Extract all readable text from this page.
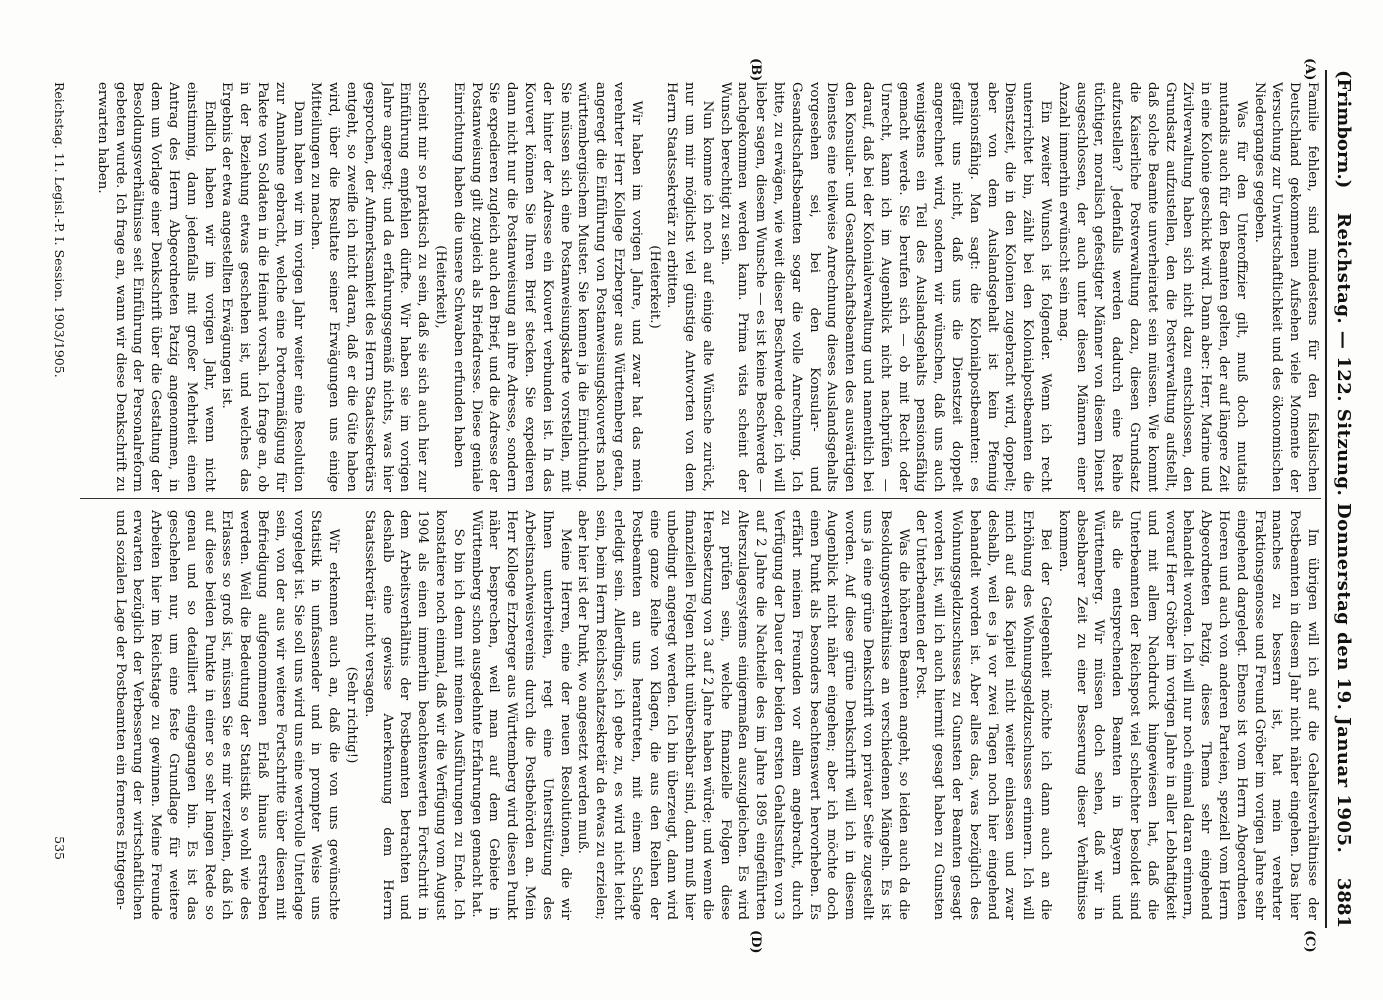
(Frimborn.)
Reichstag. — 122. Sitzung. Donnerstag den 19. Januar 1905.
3881
(A)
(B)
(C)
(D)

Familie fehlen, sind mindestens für den fiskalischen Deutschland gekommenen Aufsehen viele Momente der Versuchung zur Unwirtschaftlichkeit und des ökonomischen Niederganges gegeben.

Was für den Unteroffizier gilt, muß doch mutatis mutandis auch für den Beamten gelten, der auf längere Zeit in eine Kolonie geschickt wird. Dann aber: Herr, Marine und Zivilverwaltung haben sich nicht dazu entschlossen, den Grundsatz aufzustellen, den die Postverwaltung aufstellt, daß solche Beamte unverheiratet sein müssen. Wie kommt die Kaiserliche Postverwaltung dazu, diesen Grundsatz aufzustellen? Jedenfalls werden dadurch eine Reihe tüchtiger, moralisch gefestigter Männer von diesem Dienst ausgeschlossen, der auch unter diesen Männern einer Anzahl immerhin erwünscht sein mag.

Ein zweiter Wunsch ist folgender. Wenn ich recht unterrichtet bin, zählt bei den Kolonialpostbeamten die Dienstzeit, die in den Kolonien zugebracht wird, doppelt; aber von dem Auslandsgehalt ist kein Pfennig pensionsfähig. Man sagt: die Kolonialpostbeamten: es gefällt uns nicht, daß uns die Dienstzeit doppelt angerechnet wird, sondern wir wünschen, daß uns auch wenigstens ein Teil des Auslandsgehalts pensionsfähig gemacht werde. Sie berufen sich — ob mit Recht oder Unrecht, kann ich im Augenblick nicht nachprüfen — darauf, daß bei der Kolonialverwaltung und namentlich bei den Konsular- und Gesandtschaftsbeamten des auswärtigen Dienstes eine teilweise Anrechnung dieses Auslandsgehalts vorgesehen sei, bei den Konsular- und Gesandtschaftsbeamten sogar die volle Anrechnung. Ich bitte, zu erwägen, wie weit dieser Beschwerde oder, ich will lieber sagen, diesem Wunsche — es ist keine Beschwerde — nachgekommen werden kann. Prima vista scheint der Wunsch berechtigt zu sein.

Nun komme ich noch auf einige alte Wünsche zurück, nur um mir möglichst viel günstige Antworten von dem Herrn Staatssekretär zu erbitten.

(Heiterkeit.)

Wir haben im vorigen Jahre, und zwar hat das mein verehrter Herr Kollege Erzberger aus Württemberg getan, angeregt die Einführung von Postanweisungskouverts nach württembergischem Muster. Sie kennen ja die Einrichtung. Sie müssen sich eine Postanweisungskarte vorstellen, mit der hinter der Adresse ein Kouvert verbunden ist. In das Kouvert können Sie Ihren Brief stecken. Sie expedieren dann nicht nur die Postanweisung an ihre Adresse, sondern Sie expedieren zugleich auch den Brief, und die Adresse der Postanweisung gilt zugleich als Briefadresse. Diese geniale Einrichtung haben die unsere Schwaben erfunden haben

(Heiterkeit),

scheint mir so praktisch zu sein, daß sie sich auch hier zur Einführung empfehlen dürfte. Wir haben sie im vorigen Jahre angeregt; und da erfahrungsgemäß nichts, was hier gesprochen, der Aufmerksamkeit des Herrn Staatssekretärs entgeht, so zweifle ich nicht daran, daß er die Güte haben wird, über die Resultate seiner Erwägungen uns einige Mitteilungen zu machen.

Dann haben wir im vorigen Jahr weiter eine Resolution zur Annahme gebracht, welche eine Portoermäßigung für Pakete von Soldaten in die Heimat vorsah. Ich frage an, ob in der Beziehung etwas geschehen ist, und welches das Ergebnis der etwa angestellten Erwägungen ist.

Endlich haben wir im vorigen Jahr, wenn nicht einstimmig, dann jedenfalls mit großer Mehrheit einen Antrag des Herrn Abgeordneten Patzig angenommen, in dem um Vorlage einer Denkschrift über die Gestaltung der Besoldungsverhältnisse seit Einführung der Personalreform gebeten wurde. Ich frage an, wann wir diese Denkschrift zu erwarten haben.

Im übrigen will ich auf die Gehaltsverhältnisse der Postbeamten in diesem Jahr nicht näher eingehen. Das hier manches zu bessern ist, hat mein verehrter Fraktionsgenosse und Freund Gröber im vorigen Jahre sehr eingehend dargelegt. Ebenso ist vom Herrn Abgeordneten Hoeren und auch von anderen Parteien, speziell vom Herrn Abgeordneten Patzig, dieses Thema sehr eingehend behandelt worden. Ich will nur noch einmal daran erinnern, worauf Herr Gröber im vorigen Jahre in aller Lebhaftigkeit und mit allem Nachdruck hingewiesen hat, daß die Unterbeamten der Reichspost viel schlechter besoldet sind als die entsprechenden Beamten in Bayern und Württemberg. Wir müssen doch sehen, daß wir in absehbarer Zeit zu einer Besserung dieser Verhältnisse kommen.

Bei der Gelegenheit möchte ich dann auch an die Erhöhung des Wohnungsgeldzuschusses erinnern. Ich will mich auf das Kapitel nicht weiter einlassen und zwar deshalb, weil es ja vor zwei Tagen noch hier eingehend behandelt worden ist. Aber alles das, was bezüglich des Wohnungsgeldzuschusses zu Gunsten der Beamten gesagt worden ist, will ich auch hiermit gesagt haben zu Gunsten der Unterbeamten der Post.

Was die höheren Beamten angeht, so leiden auch da die Besoldungsverhältnisse an verschiedenen Mängeln. Es ist uns ja eine grüne Denkschrift von privater Seite zugestellt worden. Auf diese grüne Denkschrift will ich in diesem Augenblick nicht näher eingehen; aber ich möchte doch einen Punkt als besonders beachtenswert hervorheben. Es erfährt meinen Freunden vor allem angebracht, durch Verfügung der Dauer der beiden ersten Gehaltsstufen von 3 auf 2 Jahre die Nachteile des im Jahre 1895 eingeführten Alterszulagesystems einigermaßen auszugleichen. Es wird zu prüfen sein, welche finanzielle Folgen diese Herabsetzung von 3 auf 2 Jahre haben würde; und wenn die finanziellen Folgen nicht unübersehbar sind, dann muß hier unbedingt angeregt werden. Ich bin überzeugt, dann wird eine ganze Reihe von Klagen, die aus den Reihen der Postbeamten an uns herantreten, mit einem Schlage erledigt sein. Allerdings, ich gebe zu, es wird nicht leicht sein, beim Herrn Reichsschatzsekretär da etwas zu erzielen; aber hier ist der Punkt, wo angesetzt werden muß.

Meine Herren, eine der neuen Resolutionen, die wir Ihnen unterbreiten, regt eine Unterstützung des Arbeitsnachweisvereins durch die Postbehörden an. Mein Herr Kollege Erzberger aus Württemberg wird diesen Punkt näher besprechen, weil man auf dem Gebiete in Württemberg schon ausgedehnte Erfahrungen gemacht hat.

So bin ich denn mit meinen Ausführungen zu Ende. Ich konstatiere noch einmal, daß wir die Verfügung vom August 1904 als einen immerhin beachtenswerten Fortschritt in dem Arbeitsverhältnis der Postbeamten betrachten und deshalb eine gewisse Anerkennung dem Herrn Staatssekretär nicht versagen.

(Sehr richtig!)

Wir erkennen auch an, daß die von uns gewünschte Statistik in umfassender und in prompter Weise uns vorgelegt ist. Sie soll uns wird uns eine wertvolle Unterlage sein, von der aus wir weitere Fortschritte über diesen mit Befriedigung aufgenommenen Erlaß hinaus erstreben werden. Weil die Bedeutung der Statistik so wohl wie des Erlasses so groß ist, müssen Sie es mir verzeihen, daß ich auf diese beiden Punkte in einer so sehr langen Rede so genau und so detailliert eingegangen bin. Es ist das geschehen nur, um eine feste Grundlage für weitere Arbeiten hier im Reichstage zu gewinnen. Meine Freunde erwarten bezüglich der Verbesserung der wirtschaftlichen und sozialen Lage der Postbeamten ein ferneres Entgegen-

Reichstag. 11. Legisl.-P. I. Session. 1903/1905.
535
